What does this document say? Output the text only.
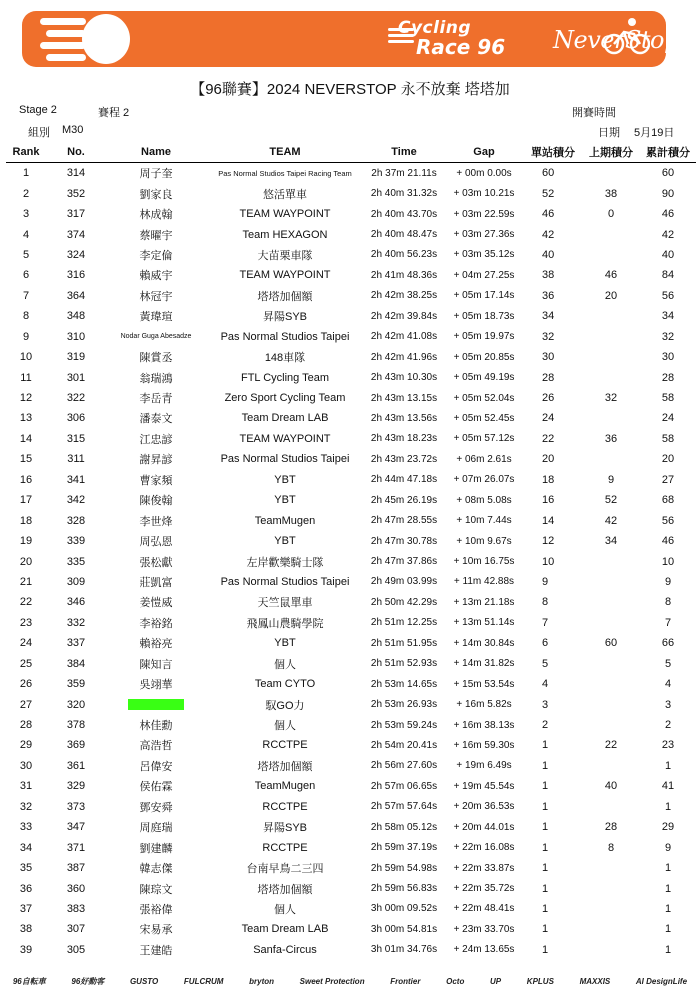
Cycling
Race 96 NeverStop
【96聯賽】2024 NEVERSTOP 永不放棄 塔塔加
Stage 2	賽程 2	開賽時間
組別 M30	日期 5月19日
Rank	No.	Name	TEAM	Time	Gap	單站積分	上期積分	累計積分
1	314	周子奎	Pas Normal Studios Taipei Racing Team	2h 37m 21.11s	+ 00m 0.00s	60		60
2	352	劉家良	悠活單車	2h 40m 31.32s	+ 03m 10.21s	52	38	90
3	317	林成翰	TEAM WAYPOINT	2h 40m 43.70s	+ 03m 22.59s	46	0	46
4	374	蔡曜宇	Team HEXAGON	2h 40m 48.47s	+ 03m 27.36s	42		42
5	324	李定倫	大苗栗車隊	2h 40m 56.23s	+ 03m 35.12s	40		40
6	316	賴威宇	TEAM WAYPOINT	2h 41m 48.36s	+ 04m 27.25s	38	46	84
7	364	林冠宇	塔塔加個額	2h 42m 38.25s	+ 05m 17.14s	36	20	56
8	348	黃瑋瑄	昇陽SYB	2h 42m 39.84s	+ 05m 18.73s	34		34
9	310	Nodar Guga Abesadze	Pas Normal Studios Taipei	2h 42m 41.08s	+ 05m 19.97s	32		32
10	319	陳賞丞	148車隊	2h 42m 41.96s	+ 05m 20.85s	30		30
11	301	翁瑞鴻	FTL Cycling Team	2h 43m 10.30s	+ 05m 49.19s	28		28
12	322	李岳青	Zero Sport Cycling Team	2h 43m 13.15s	+ 05m 52.04s	26	32	58
13	306	潘泰文	Team Dream LAB	2h 43m 13.56s	+ 05m 52.45s	24		24
14	315	江忠諺	TEAM WAYPOINT	2h 43m 18.23s	+ 05m 57.12s	22	36	58
15	311	謝昇諺	Pas Normal Studios Taipei	2h 43m 23.72s	+ 06m 2.61s	20		20
16	341	曹家頻	YBT	2h 44m 47.18s	+ 07m 26.07s	18	9	27
17	342	陳俊翰	YBT	2h 45m 26.19s	+ 08m 5.08s	16	52	68
18	328	李世烽	TeamMugen	2h 47m 28.55s	+ 10m 7.44s	14	42	56
19	339	周弘恩	YBT	2h 47m 30.78s	+ 10m 9.67s	12	34	46
20	335	張松獻	左岸歡樂騎士隊	2h 47m 37.86s	+ 10m 16.75s	10		10
21	309	莊凱富	Pas Normal Studios Taipei	2h 49m 03.99s	+ 11m 42.88s	9		9
22	346	姜愷威	天竺鼠單車	2h 50m 42.29s	+ 13m 21.18s	8		8
23	332	李裕銘	飛鳳山農騎學院	2h 51m 12.25s	+ 13m 51.14s	7		7
24	337	賴裕亮	YBT	2h 51m 51.95s	+ 14m 30.84s	6	60	66
25	384	陳知言	個人	2h 51m 52.93s	+ 14m 31.82s	5		5
26	359	吳翊華	Team CYTO	2h 53m 14.65s	+ 15m 53.54s	4		4
27	320		馭GO力	2h 53m 26.93s	+ 16m 5.82s	3		3
28	378	林佳勳	個人	2h 53m 59.24s	+ 16m 38.13s	2		2
29	369	高浩哲	RCCTPE	2h 54m 20.41s	+ 16m 59.30s	1	22	23
30	361	呂偉安	塔塔加個額	2h 56m 27.60s	+ 19m 6.49s	1		1
31	329	侯佑霖	TeamMugen	2h 57m 06.65s	+ 19m 45.54s	1	40	41
32	373	鄧安舜	RCCTPE	2h 57m 57.64s	+ 20m 36.53s	1		1
33	347	周庭瑞	昇陽SYB	2h 58m 05.12s	+ 20m 44.01s	1	28	29
34	371	劉建麟	RCCTPE	2h 59m 37.19s	+ 22m 16.08s	1	8	9
35	387	韓志傑	台南早鳥二三四	2h 59m 54.98s	+ 22m 33.87s	1		1
36	360	陳琮文	塔塔加個額	2h 59m 56.83s	+ 22m 35.72s	1		1
37	383	張裕偉	個人	3h 00m 09.52s	+ 22m 48.41s	1		1
38	307	宋易承	Team Dream LAB	3h 00m 54.81s	+ 23m 33.70s	1		1
39	305	王建皓	Sanfa-Circus	3h 01m 34.76s	+ 24m 13.65s	1		1
96自転車	96好動客	GUSTO	FULCRUM	bryton	Sweet Protection	Frontier	Octo	UP	KPLUS	MAXXIS	AI DesignLife
